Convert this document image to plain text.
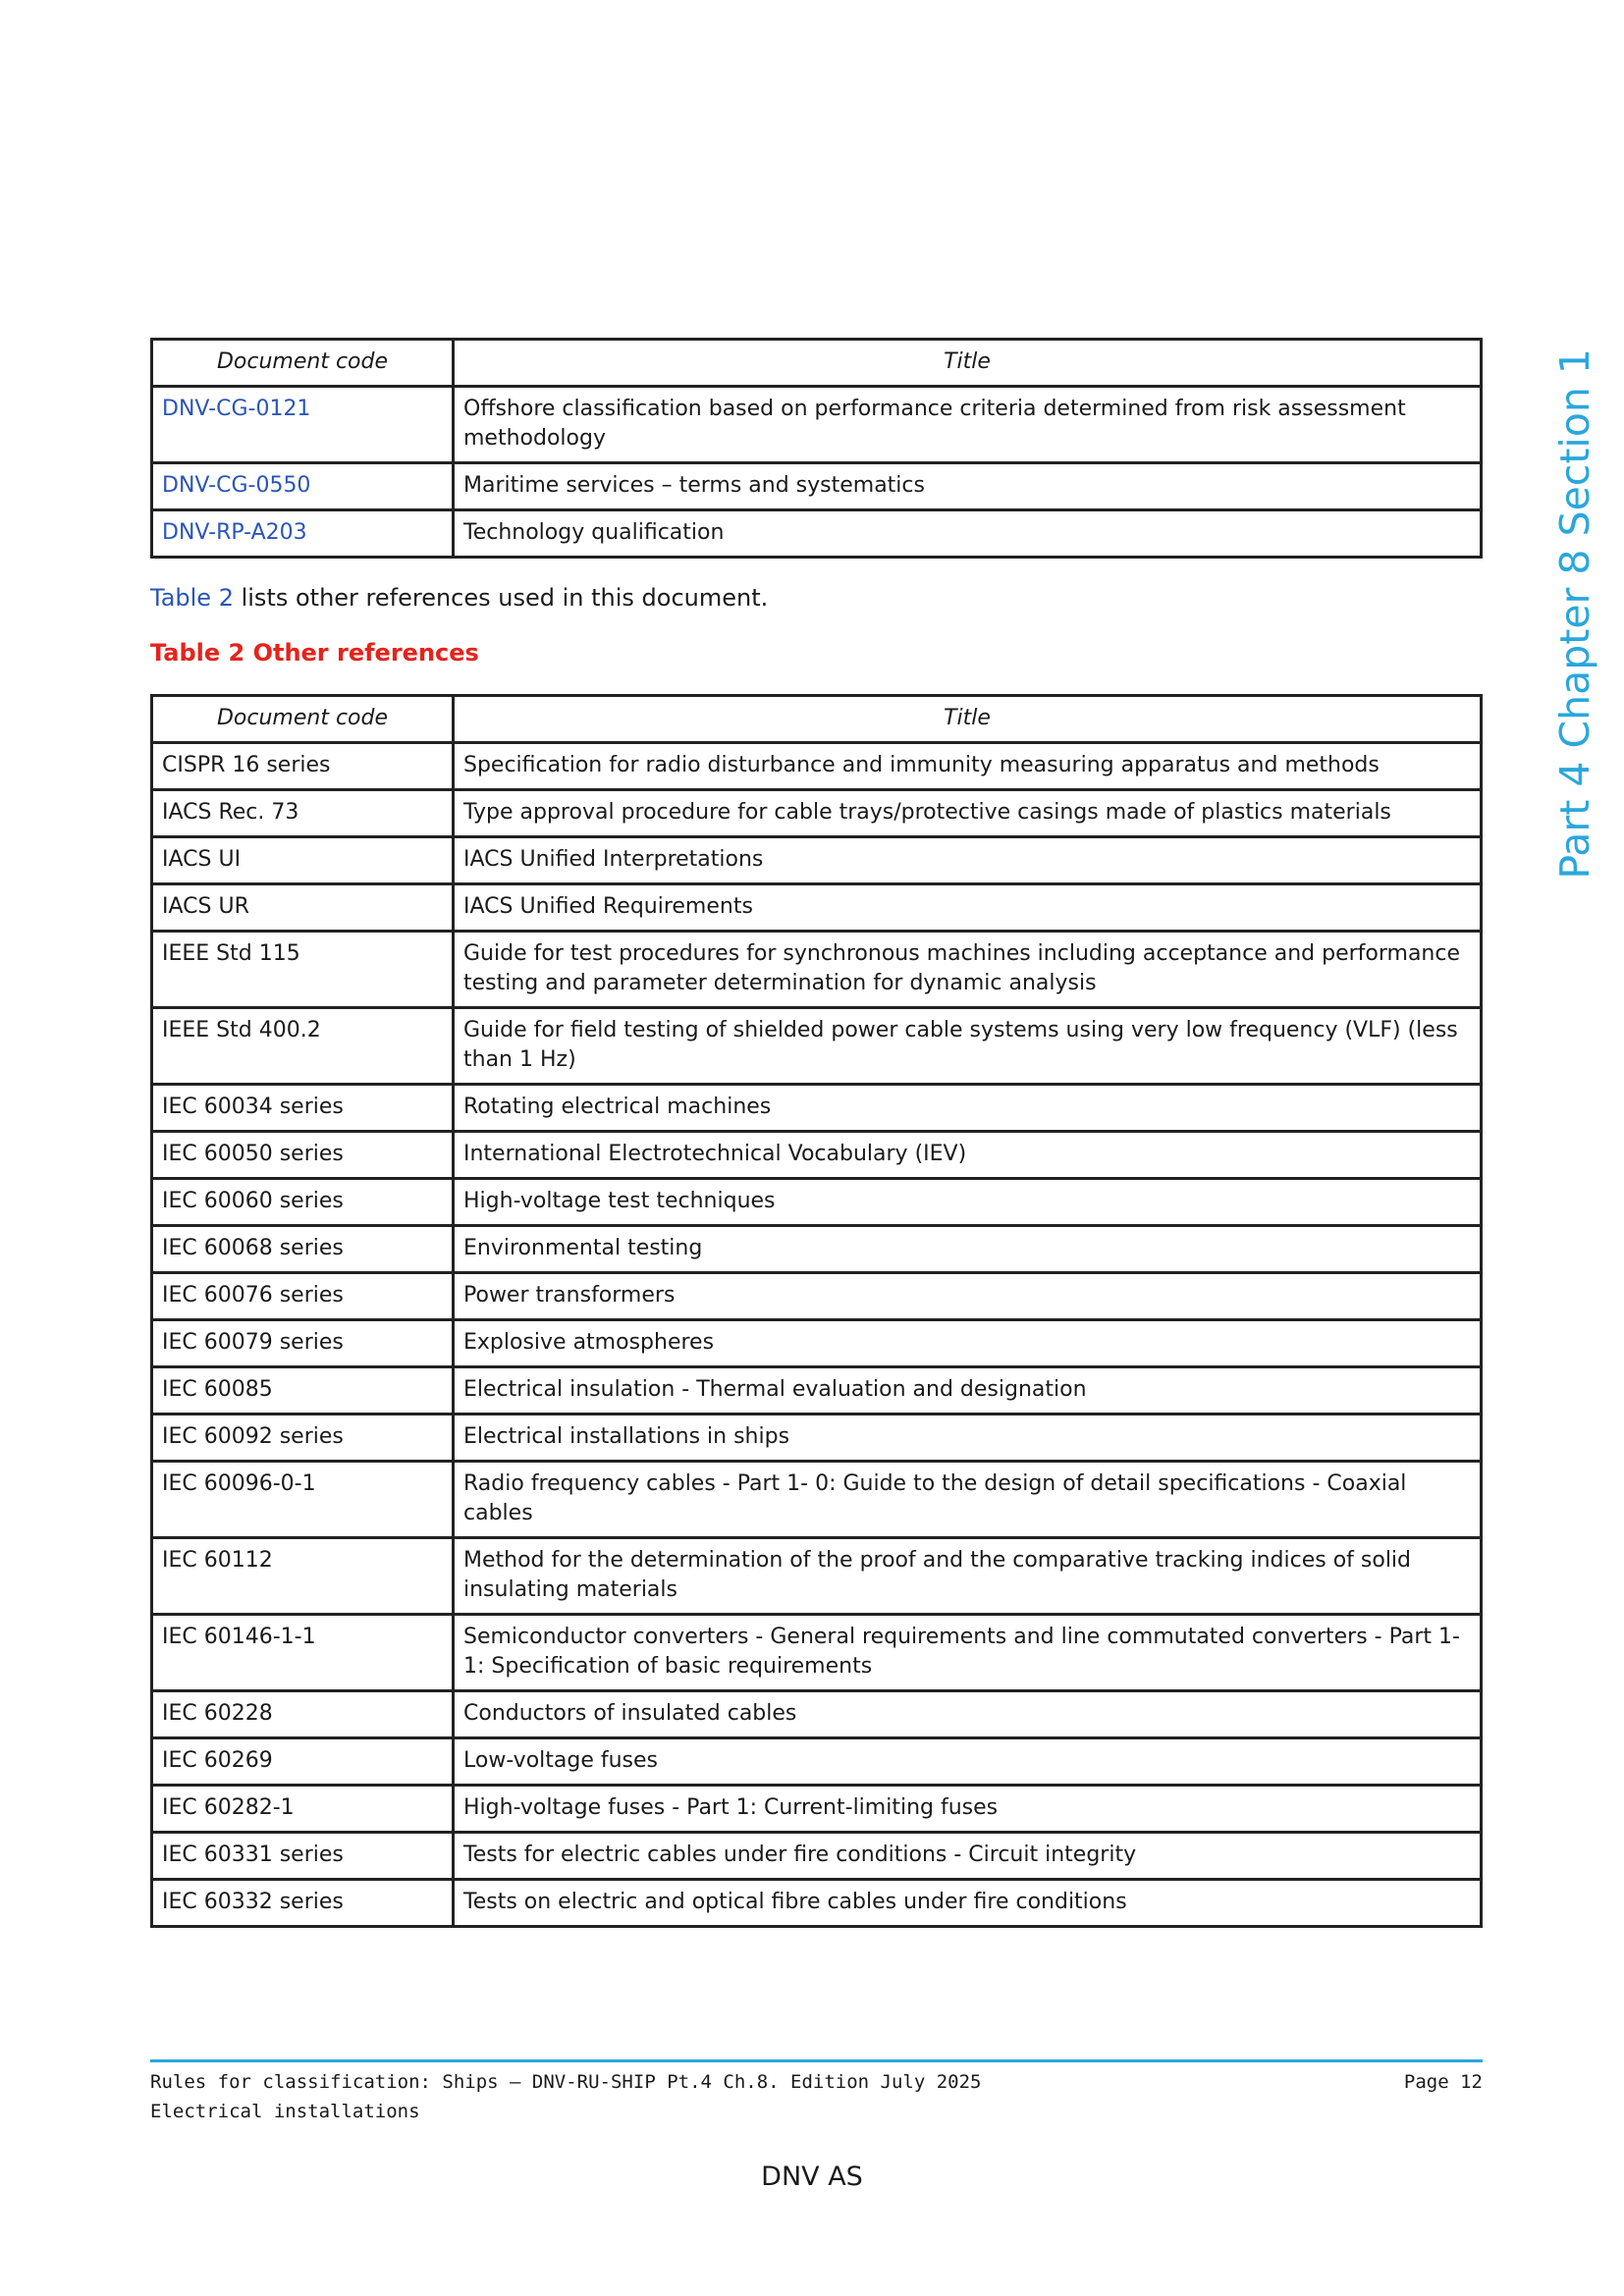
Document code	Title
DNV-CG-0121	Offshore classification based on performance criteria determined from risk assessment methodology
DNV-CG-0550	Maritime services – terms and systematics
DNV-RP-A203	Technology qualification
Table 2 lists other references used in this document.
Table 2 Other references
Document code	Title
CISPR 16 series	Specification for radio disturbance and immunity measuring apparatus and methods
IACS Rec. 73	Type approval procedure for cable trays/protective casings made of plastics materials
IACS UI	IACS Unified Interpretations
IACS UR	IACS Unified Requirements
IEEE Std 115	Guide for test procedures for synchronous machines including acceptance and performance testing and parameter determination for dynamic analysis
IEEE Std 400.2	Guide for field testing of shielded power cable systems using very low frequency (VLF) (less than 1 Hz)
IEC 60034 series	Rotating electrical machines
IEC 60050 series	International Electrotechnical Vocabulary (IEV)
IEC 60060 series	High-voltage test techniques
IEC 60068 series	Environmental testing
IEC 60076 series	Power transformers
IEC 60079 series	Explosive atmospheres
IEC 60085	Electrical insulation - Thermal evaluation and designation
IEC 60092 series	Electrical installations in ships
IEC 60096-0-1	Radio frequency cables - Part 1- 0: Guide to the design of detail specifications - Coaxial cables
IEC 60112	Method for the determination of the proof and the comparative tracking indices of solid insulating materials
IEC 60146-1-1	Semiconductor converters - General requirements and line commutated converters - Part 1-1: Specification of basic requirements
IEC 60228	Conductors of insulated cables
IEC 60269	Low-voltage fuses
IEC 60282-1	High-voltage fuses - Part 1: Current-limiting fuses
IEC 60331 series	Tests for electric cables under fire conditions - Circuit integrity
IEC 60332 series	Tests on electric and optical fibre cables under fire conditions
Part 4 Chapter 8 Section 1
Rules for classification: Ships — DNV-RU-SHIP Pt.4 Ch.8. Edition July 2025
Electrical installations
Page 12
DNV AS
